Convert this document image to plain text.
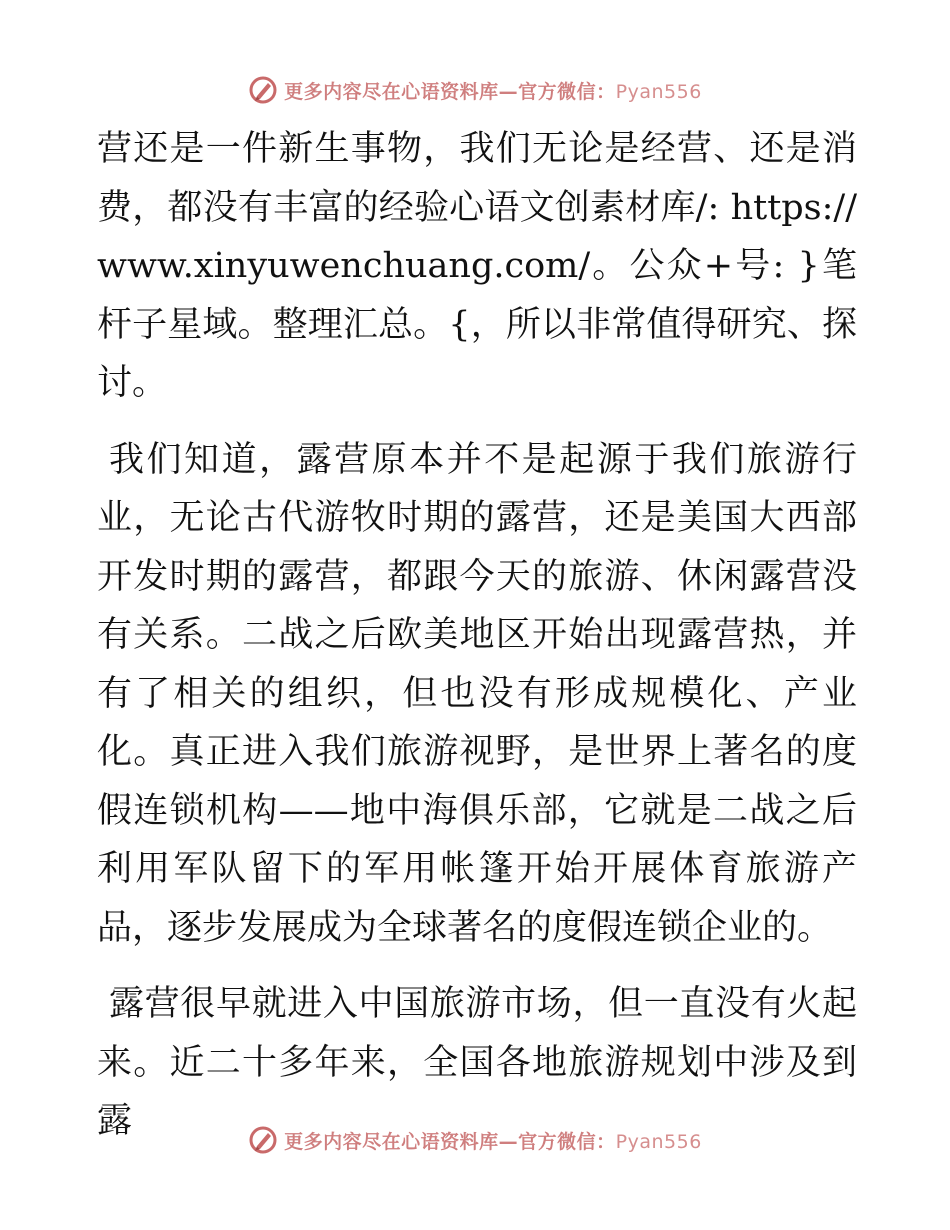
更多内容尽在心语资料库—官方微信：Pyan556

营还是一件新生事物，我们无论是经营、还是消费，都没有丰富的经验心语文创素材库/: https://www.xinyuwenchuang.com/。公众+号: }笔杆子星域。整理汇总。{，所以非常值得研究、探讨。

我们知道，露营原本并不是起源于我们旅游行业，无论古代游牧时期的露营，还是美国大西部开发时期的露营，都跟今天的旅游、休闲露营没有关系。二战之后欧美地区开始出现露营热，并有了相关的组织，但也没有形成规模化、产业化。真正进入我们旅游视野，是世界上著名的度假连锁机构——地中海俱乐部，它就是二战之后利用军队留下的军用帐篷开始开展体育旅游产品，逐步发展成为全球著名的度假连锁企业的。

露营很早就进入中国旅游市场，但一直没有火起来。近二十多年来，全国各地旅游规划中涉及到露

更多内容尽在心语资料库—官方微信：Pyan556
